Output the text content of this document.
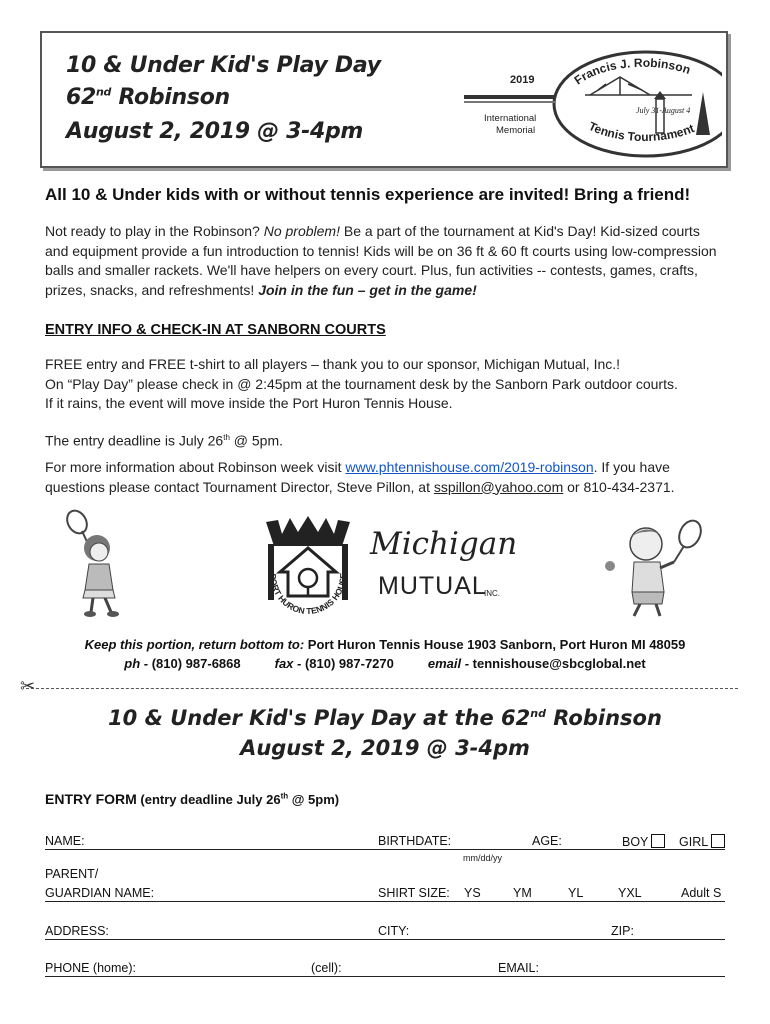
10 & Under Kid's Play Day
62nd Robinson
August 2, 2019 @ 3-4pm
2019
International
Memorial
July 31-August 4
Francis J. Robinson
Tennis Tournament
All 10 & Under kids with or without tennis experience are invited! Bring a friend!
Not ready to play in the Robinson? No problem! Be a part of the tournament at Kid's Day! Kid-sized courts and equipment provide a fun introduction to tennis! Kids will be on 36 ft & 60 ft courts using low-compression balls and smaller rackets. We'll have helpers on every court. Plus, fun activities -- contests, games, crafts, prizes, snacks, and refreshments! Join in the fun – get in the game!
ENTRY INFO & CHECK-IN AT SANBORN COURTS
FREE entry and FREE t-shirt to all players – thank you to our sponsor, Michigan Mutual, Inc.!
On “Play Day” please check in @ 2:45pm at the tournament desk by the Sanborn Park outdoor courts.
If it rains, the event will move inside the Port Huron Tennis House.
The entry deadline is July 26th @ 5pm.
For more information about Robinson week visit www.phtennishouse.com/2019-robinson. If you have questions please contact Tournament Director, Steve Pillon, at sspillon@yahoo.com or 810-434-2371.
PORT HURON TENNIS HOUSE
Michigan
MUTUAL
INC.
Keep this portion, return bottom to: Port Huron Tennis House 1903 Sanborn, Port Huron MI 48059
ph - (810) 987-6868	fax - (810) 987-7270	email - tennishouse@sbcglobal.net
✂
10 & Under Kid's Play Day at the 62nd Robinson
August 2, 2019 @ 3-4pm
ENTRY FORM (entry deadline July 26th @ 5pm)
NAME:	BIRTHDATE:	AGE:	BOY	GIRL
mm/dd/yy
PARENT/
GUARDIAN NAME:	SHIRT SIZE: YS	YM	YL	YXL	Adult S
ADDRESS:	CITY:	ZIP:
PHONE (home):	(cell):	EMAIL:
